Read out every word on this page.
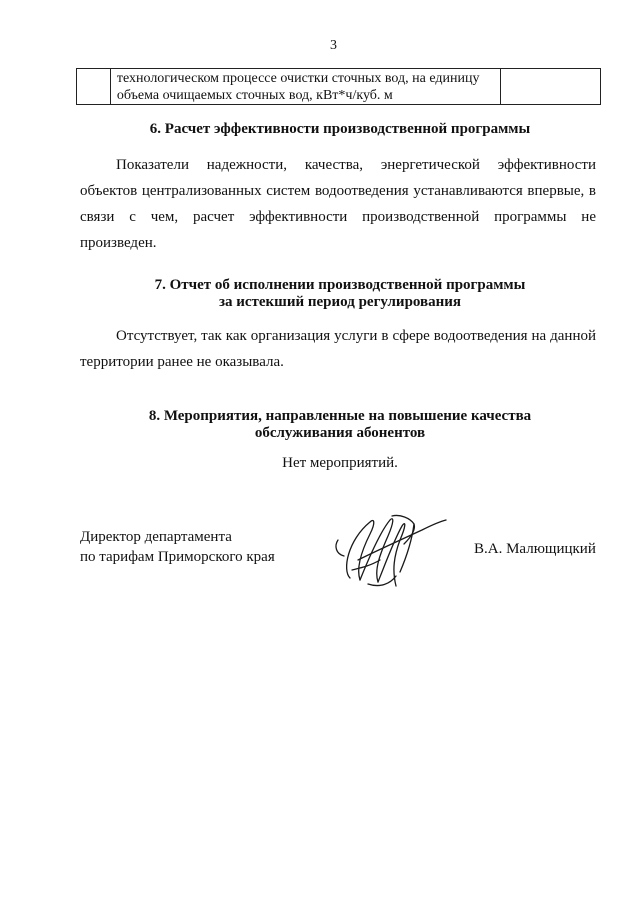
3

технологическом процессе очистки сточных вод, на единицу
объема очищаемых сточных вод, кВт*ч/куб. м

6. Расчет эффективности производственной программы
Показатели надежности, качества, энергетической эффективности объектов централизованных систем водоотведения устанавливаются впервые, в связи с чем, расчет эффективности производственной программы не произведен.
7. Отчет об исполнении производственной программы
за истекший период регулирования
Отсутствует, так как организация услуги в сфере водоотведения на данной территории ранее не оказывала.
8. Мероприятия, направленные на повышение качества
обслуживания абонентов
Нет мероприятий.
Директор департамента
по тарифам Приморского края	В.А. Малющицкий
